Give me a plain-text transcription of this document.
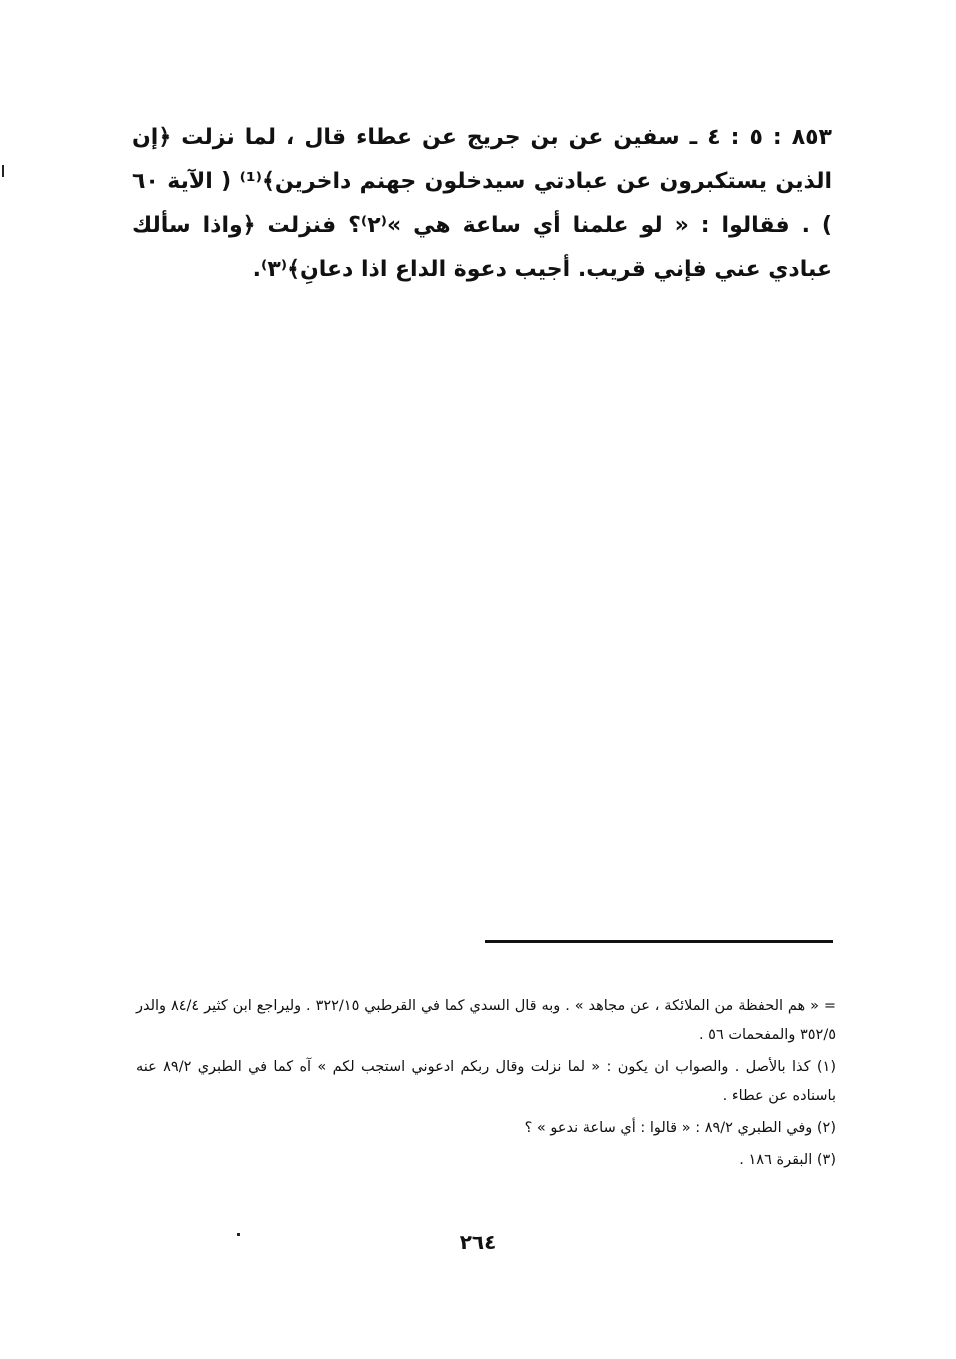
٨٥٣ : ٥ : ٤ ـ سفين عن بن جريج عن عطاء قال ، لما نزلت ﴿إن الذين يستكبرون عن عبادتي سيدخلون جهنم داخرين﴾⁽¹⁾ ( الآية ٦٠ ) . فقالوا : « لو علمنا أي ساعة هي »⁽٢⁾؟ فنزلت ﴿واذا سألك عبادي عني فإني قريب. أجيب دعوة الداع اذا دعانِ﴾⁽٣⁾.

= « هم الحفظة من الملائكة ، عن مجاهد » . وبه قال السدي كما في القرطبي ٣٢٢/١٥ . وليراجع ابن كثير ٨٤/٤ والدر ٣٥٢/٥ والمفحمات ٥٦ .

(١) كذا بالأصل . والصواب ان يكون : « لما نزلت وقال ربكم ادعوني استجب لكم » آه كما في الطبري ٨٩/٢ عنه باسناده عن عطاء .

(٢) وفي الطبري ٨٩/٢ : « قالوا : أي ساعة ندعو » ؟

(٣) البقرة ١٨٦ .

٢٦٤
